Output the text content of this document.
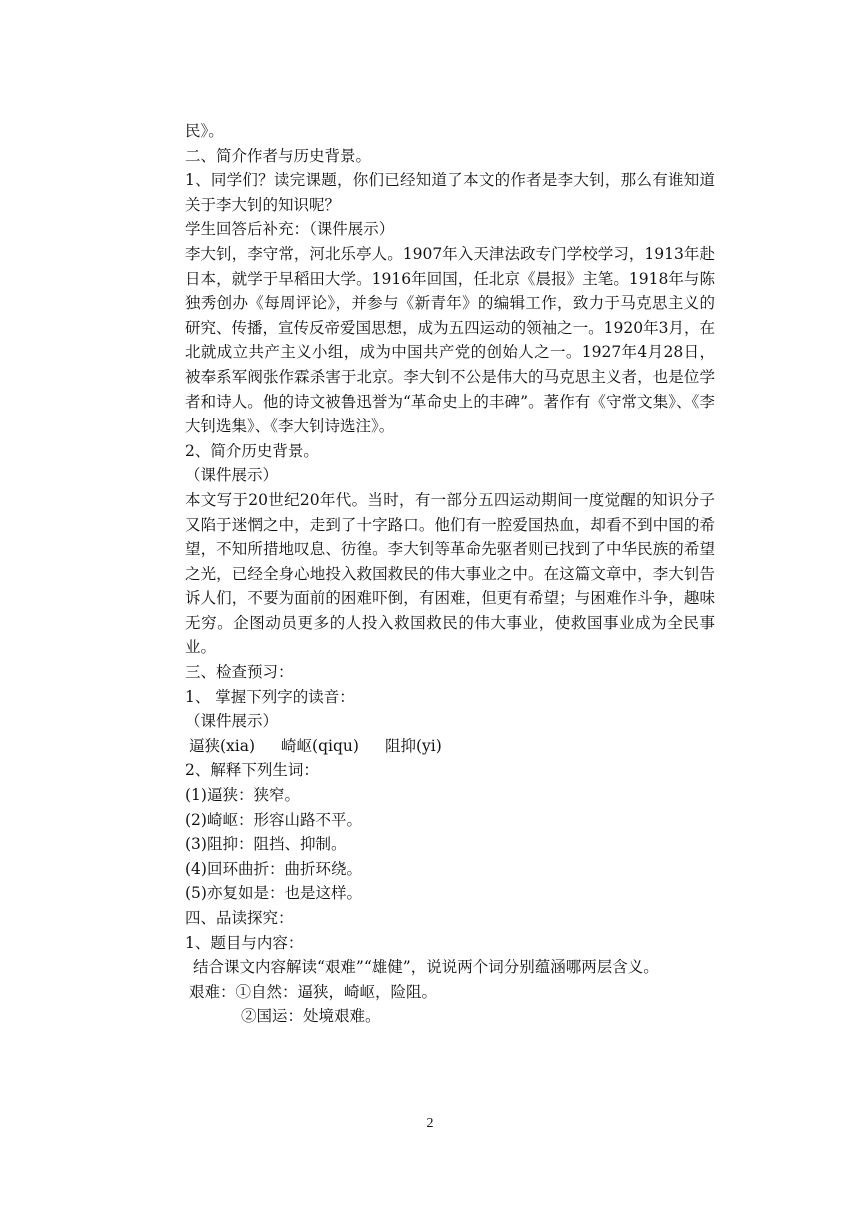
民》。
二、简介作者与历史背景。
1、同学们？读完课题，你们已经知道了本文的作者是李大钊，那么有谁知道关于李大钊的知识呢？
学生回答后补充：（课件展示）
李大钊，李守常，河北乐亭人。1907年入天津法政专门学校学习，1913年赴日本，就学于早稻田大学。1916年回国，任北京《晨报》主笔。1918年与陈独秀创办《每周评论》，并参与《新青年》的编辑工作，致力于马克思主义的研究、传播，宣传反帝爱国思想，成为五四运动的领袖之一。1920年3月，在北就成立共产主义小组，成为中国共产党的创始人之一。1927年4月28日，被奉系军阀张作霖杀害于北京。李大钊不公是伟大的马克思主义者，也是位学者和诗人。他的诗文被鲁迅誉为“革命史上的丰碑”。著作有《守常文集》、《李大钊选集》、《李大钊诗选注》。
2、简介历史背景。
（课件展示）
本文写于20世纪20年代。当时，有一部分五四运动期间一度觉醒的知识分子又陷于迷惘之中，走到了十字路口。他们有一腔爱国热血，却看不到中国的希望，不知所措地叹息、彷徨。李大钊等革命先驱者则已找到了中华民族的希望之光，已经全身心地投入救国救民的伟大事业之中。在这篇文章中，李大钊告诉人们，不要为面前的困难吓倒，有困难，但更有希望；与困难作斗争，趣味无穷。企图动员更多的人投入救国救民的伟大事业，使救国事业成为全民事业。
三、检查预习：
1、 掌握下列字的读音：
（课件展示）
逼狭(xia) 崎岖(qiqu) 阻抑(yi)
2、解释下列生词：
(1)逼狭：狭窄。
(2)崎岖：形容山路不平。
(3)阻抑：阻挡、抑制。
(4)回环曲折：曲折环绕。
(5)亦复如是：也是这样。
四、品读探究：
1、题目与内容：
结合课文内容解读“艰难”“雄健”，说说两个词分别蕴涵哪两层含义。
艰难：①自然：逼狭，崎岖，险阻。
②国运：处境艰难。
2
